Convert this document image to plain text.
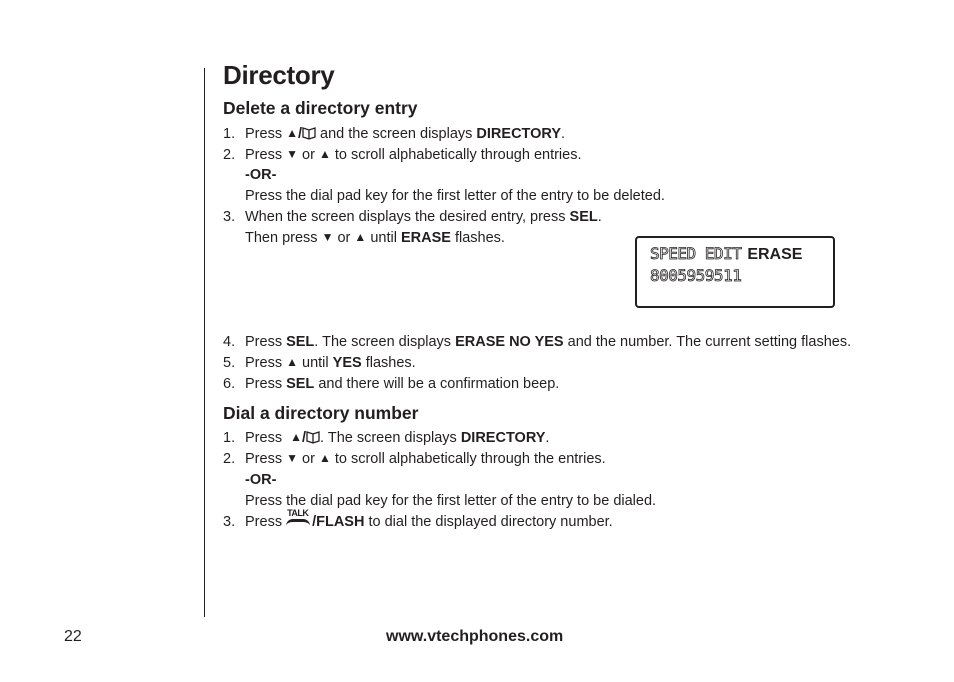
Directory
Delete a directory entry
1. Press ▲/ and the screen displays DIRECTORY.
2. Press ▼ or ▲ to scroll alphabetically through entries.
-OR-
Press the dial pad key for the first letter of the entry to be deleted.
3. When the screen displays the desired entry, press SEL.
Then press ▼ or ▲ until ERASE flashes.
SPEED EDIT ERASE
8005959511
4. Press SEL. The screen displays ERASE NO YES and the number. The current setting flashes.
5. Press ▲ until YES flashes.
6. Press SEL and there will be a confirmation beep.
Dial a directory number
1. Press  ▲/ . The screen displays DIRECTORY.
2. Press ▼ or ▲ to scroll alphabetically through the entries.
-OR-
Press the dial pad key for the first letter of the entry to be dialed.
3. Press
TALK
/FLASH to dial the displayed directory number.
22	www.vtechphones.com
